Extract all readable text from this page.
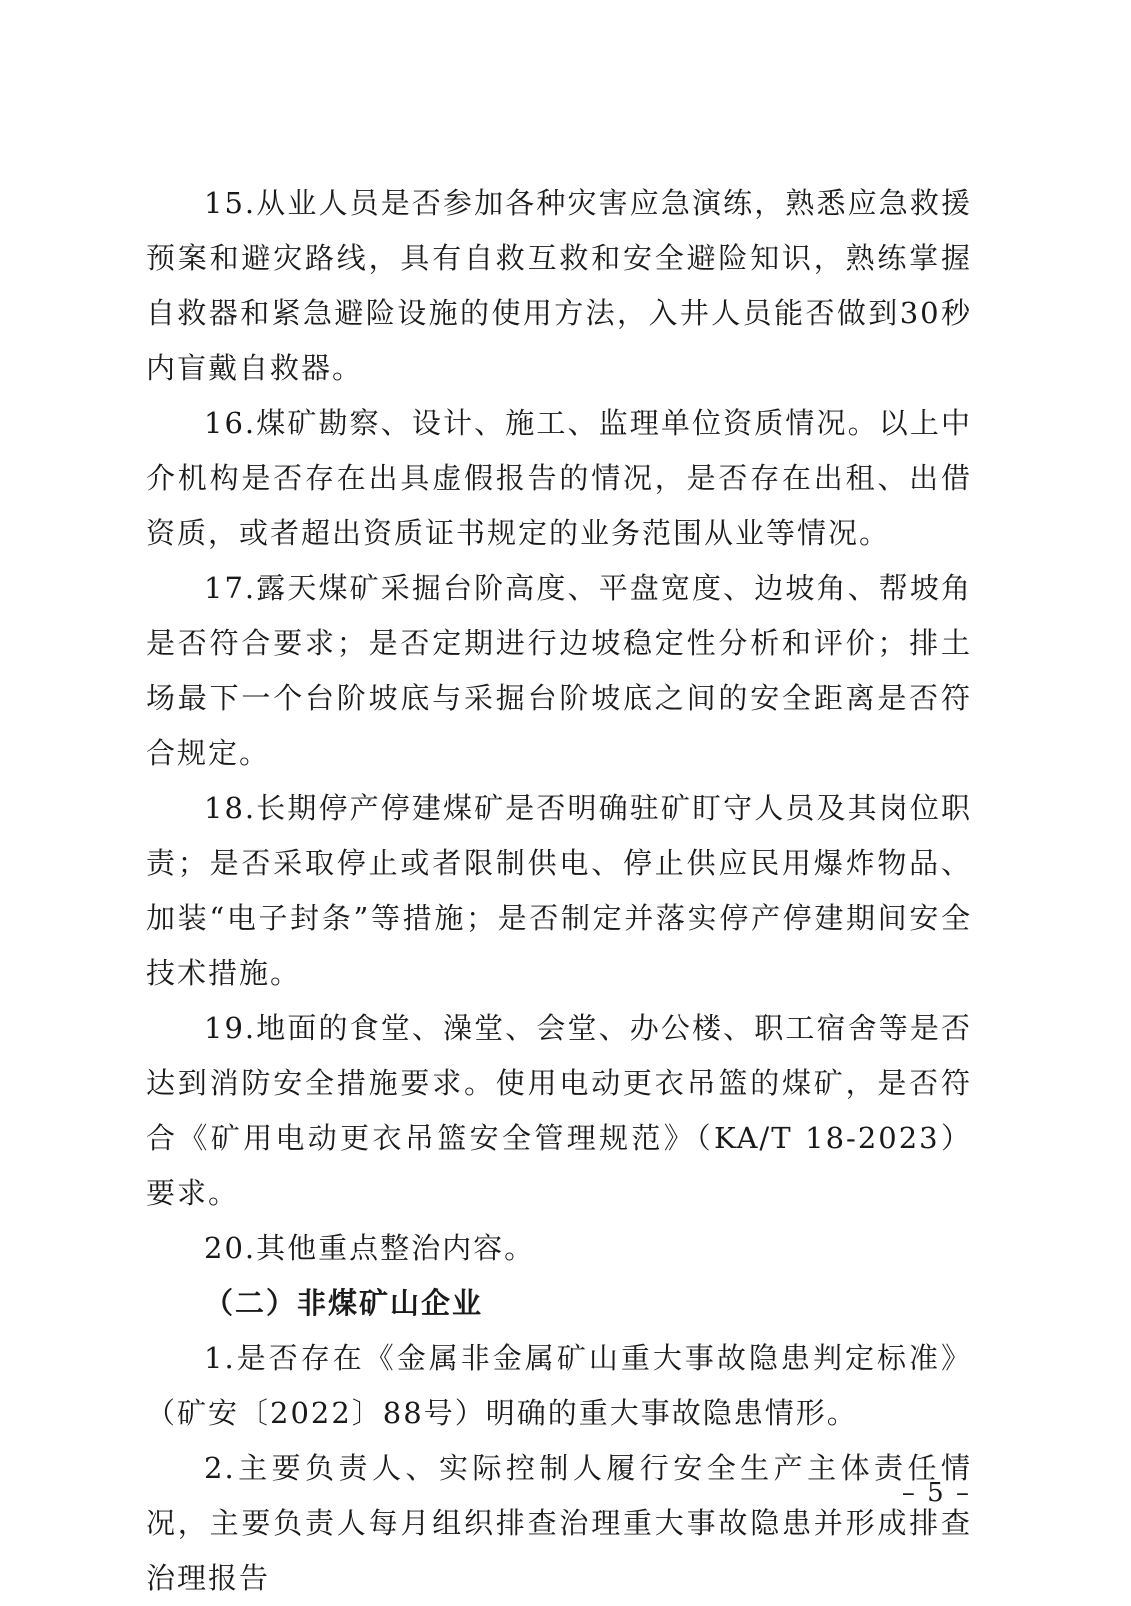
15.从业人员是否参加各种灾害应急演练，熟悉应急救援预案和避灾路线，具有自救互救和安全避险知识，熟练掌握自救器和紧急避险设施的使用方法，入井人员能否做到30秒内盲戴自救器。

16.煤矿勘察、设计、施工、监理单位资质情况。以上中介机构是否存在出具虚假报告的情况，是否存在出租、出借资质，或者超出资质证书规定的业务范围从业等情况。

17.露天煤矿采掘台阶高度、平盘宽度、边坡角、帮坡角是否符合要求；是否定期进行边坡稳定性分析和评价；排土场最下一个台阶坡底与采掘台阶坡底之间的安全距离是否符合规定。

18.长期停产停建煤矿是否明确驻矿盯守人员及其岗位职责；是否采取停止或者限制供电、停止供应民用爆炸物品、加装“电子封条”等措施；是否制定并落实停产停建期间安全技术措施。

19.地面的食堂、澡堂、会堂、办公楼、职工宿舍等是否达到消防安全措施要求。使用电动更衣吊篮的煤矿，是否符合《矿用电动更衣吊篮安全管理规范》（KA/T 18-2023）要求。

20.其他重点整治内容。

（二）非煤矿山企业

1.是否存在《金属非金属矿山重大事故隐患判定标准》（矿安〔2022〕88号）明确的重大事故隐患情形。

2.主要负责人、实际控制人履行安全生产主体责任情况，主要负责人每月组织排查治理重大事故隐患并形成排查治理报告

– 5 –
